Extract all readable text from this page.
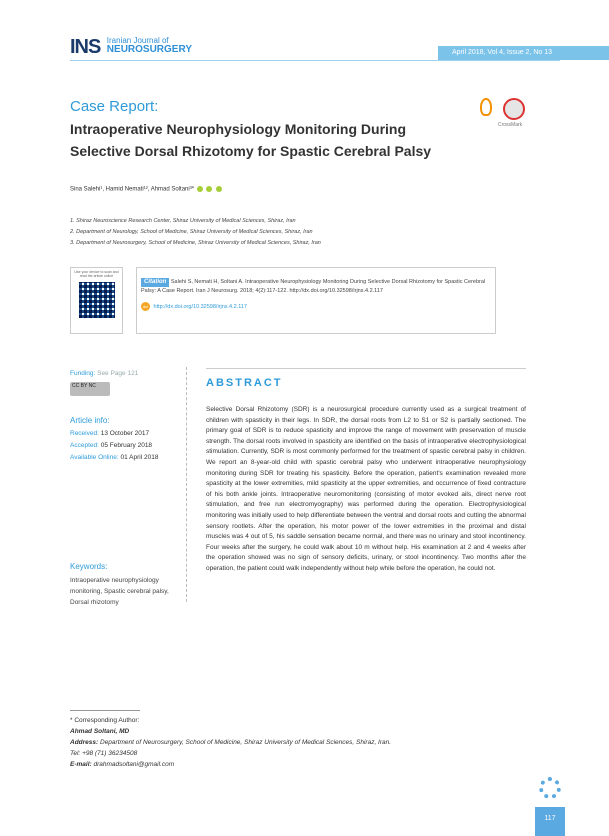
INS Iranian Journal of
NEUROSURGERY	April 2018, Vol 4, Issue 2, No 13
Case Report:
Intraoperative Neurophysiology Monitoring During
Selective Dorsal Rhizotomy for Spastic Cerebral Palsy
CrossMark
Sina Salehi¹, Hamid Nemati¹², Ahmad Soltani³*
1. Shiraz Neuroscience Research Center, Shiraz University of Medical Sciences, Shiraz, Iran
2. Department of Neurology, School of Medicine, Shiraz University of Medical Sciences, Shiraz, Iran
3. Department of Neurosurgery, School of Medicine, Shiraz University of Medical Sciences, Shiraz, Iran
Use your device to scan and read the article online
Citation Salehi S, Nemati H, Soltani A. Intraoperative Neurophysiology Monitoring During Selective Dorsal Rhizotomy for Spastic Cerebral Palsy: A Case Report. Iran J Neurosurg. 2018; 4(2):117-122. http://dx.doi.org/10.32598/irjns.4.2.117
doi http://dx.doi.org/10.32598/irjns.4.2.117
Funding: See Page 121
CC BY NC
Article info:
Received: 13 October 2017
Accepted: 05 February 2018
Available Online: 01 April 2018
Keywords:
Intraoperative neurophysiology monitoring, Spastic cerebral palsy, Dorsal rhizotomy
ABSTRACT
Selective Dorsal Rhizotomy (SDR) is a neurosurgical procedure currently used as a surgical treatment of children with spasticity in their legs. In SDR, the dorsal roots from L2 to S1 or S2 is partially sectioned. The primary goal of SDR is to reduce spasticity and improve the range of movement with preservation of muscle strength. The dorsal roots involved in spasticity are identified on the basis of intraoperative electrophysiological stimulation. Currently, SDR is most commonly performed for the treatment of spastic cerebral palsy in children. We report an 8-year-old child with spastic cerebral palsy who underwent intraoperative neurophysiology monitoring during SDR for treating his spasticity. Before the operation, patient's examination revealed more spasticity at the lower extremities, mild spasticity at the upper extremities, and occurrence of fixed contracture of his both ankle joints. Intraoperative neuromonitoring (consisting of motor evoked ails, direct nerve root stimulation, and free run electromyography) was performed during the operation. Electrophysiological monitoring was initially used to help differentiate between the ventral and dorsal roots and cutting the abnormal sensory rootlets. After the operation, his motor power of the lower extremities in the proximal and distal muscles was 4 out of 5, his saddle sensation became normal, and there was no urinary and stool incontinency. Four weeks after the surgery, he could walk about 10 m without help. His examination at 2 and 4 weeks after the operation showed was no sign of sensory deficits, urinary, or stool incontinency. Two months after the operation, the patient could walk independently without help while before the operation, he could not.
* Corresponding Author:
Ahmad Soltani, MD
Address: Department of Neurosurgery, School of Medicine, Shiraz University of Medical Sciences, Shiraz, Iran.
Tel: +98 (71) 36234508
E-mail: drahmadsoltani@gmail.com
117
